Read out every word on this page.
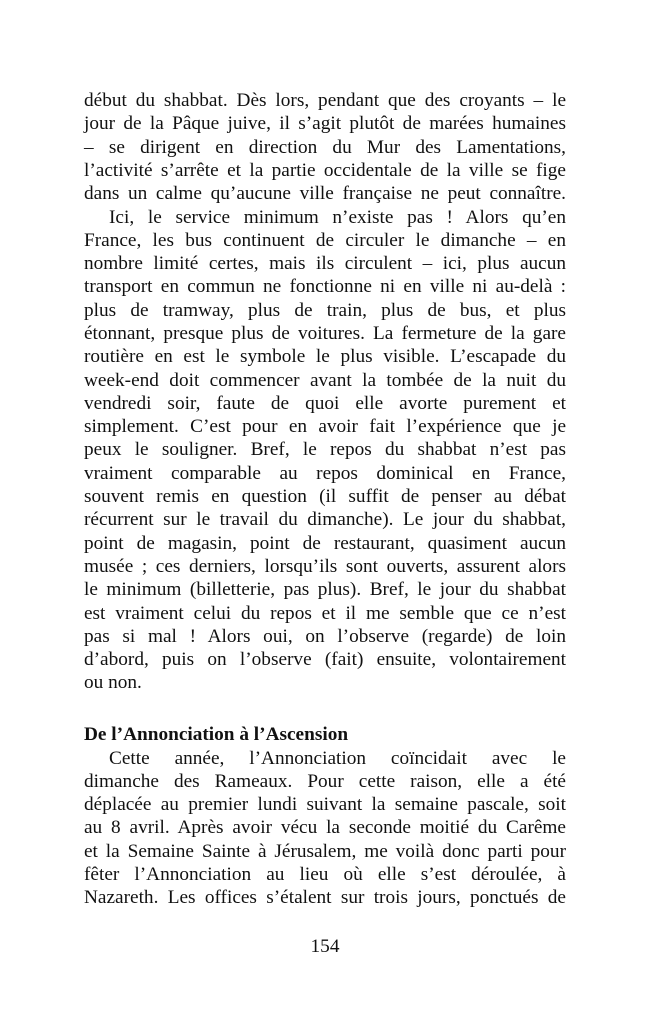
début du shabbat. Dès lors, pendant que des croyants – le
jour de la Pâque juive, il s’agit plutôt de marées humaines
– se dirigent en direction du Mur des Lamentations,
l’activité s’arrête et la partie occidentale de la ville se fige
dans un calme qu’aucune ville française ne peut connaître.
Ici, le service minimum n’existe pas ! Alors qu’en
France, les bus continuent de circuler le dimanche – en
nombre limité certes, mais ils circulent – ici, plus aucun
transport en commun ne fonctionne ni en ville ni au-delà :
plus de tramway, plus de train, plus de bus, et plus
étonnant, presque plus de voitures. La fermeture de la gare
routière en est le symbole le plus visible. L’escapade du
week-end doit commencer avant la tombée de la nuit du
vendredi soir, faute de quoi elle avorte purement et
simplement. C’est pour en avoir fait l’expérience que je
peux le souligner. Bref, le repos du shabbat n’est pas
vraiment comparable au repos dominical en France,
souvent remis en question (il suffit de penser au débat
récurrent sur le travail du dimanche). Le jour du shabbat,
point de magasin, point de restaurant, quasiment aucun
musée ; ces derniers, lorsqu’ils sont ouverts, assurent alors
le minimum (billetterie, pas plus). Bref, le jour du shabbat
est vraiment celui du repos et il me semble que ce n’est
pas si mal ! Alors oui, on l’observe (regarde) de loin
d’abord, puis on l’observe (fait) ensuite, volontairement
ou non.
De l’Annonciation à l’Ascension
Cette année, l’Annonciation coïncidait avec le
dimanche des Rameaux. Pour cette raison, elle a été
déplacée au premier lundi suivant la semaine pascale, soit
au 8 avril. Après avoir vécu la seconde moitié du Carême
et la Semaine Sainte à Jérusalem, me voilà donc parti pour
fêter l’Annonciation au lieu où elle s’est déroulée, à
Nazareth. Les offices s’étalent sur trois jours, ponctués de
154
